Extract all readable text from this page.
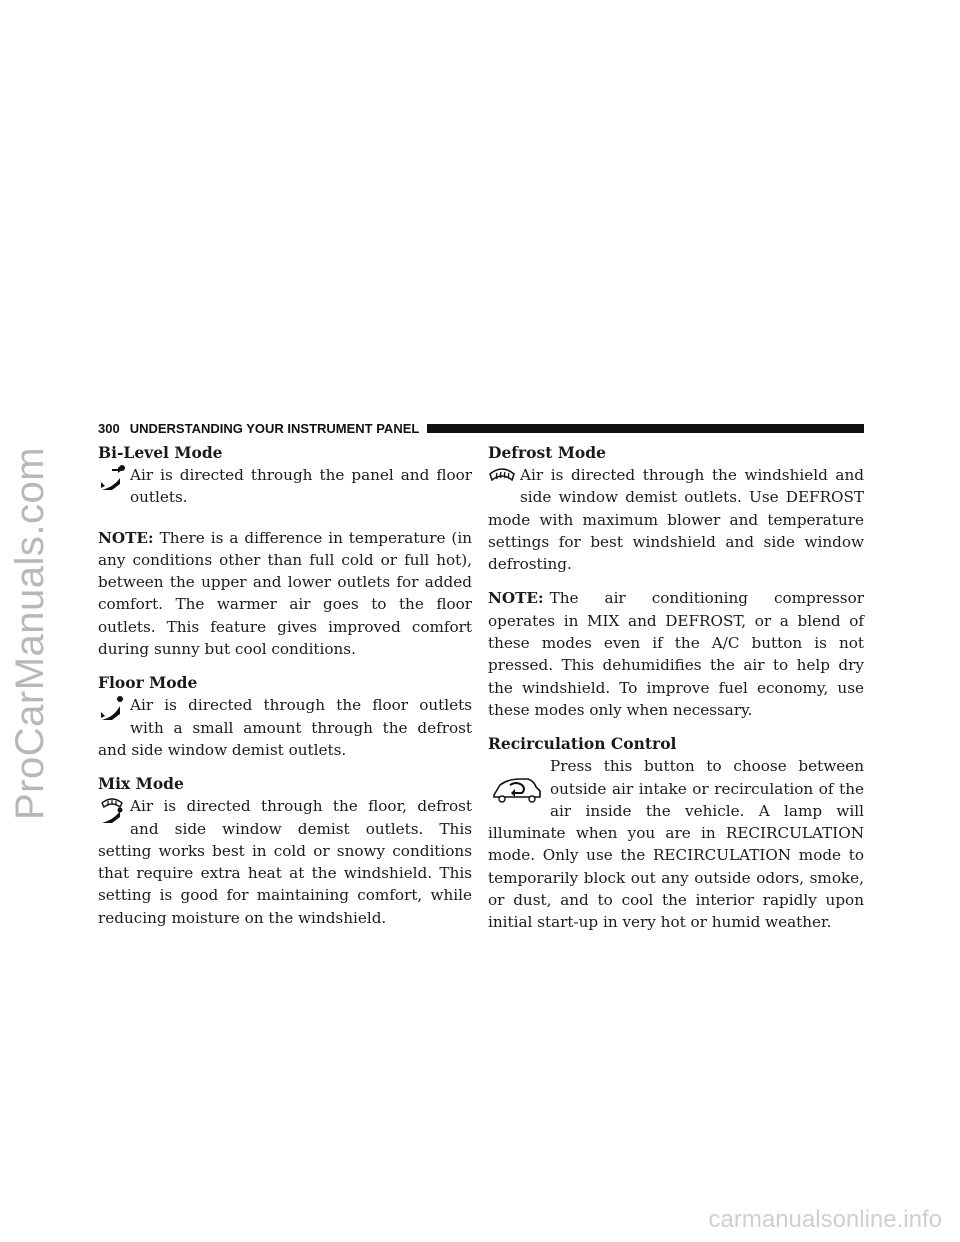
ProCarManuals.com
carmanualsonline.info
300 UNDERSTANDING YOUR INSTRUMENT PANEL
Bi-Level Mode

Air is directed through the panel and floor outlets.

NOTE: There is a difference in temperature (in any conditions other than full cold or full hot), between the upper and lower outlets for added comfort. The warmer air goes to the floor outlets. This feature gives improved comfort during sunny but cool conditions.

Floor Mode

Air is directed through the floor outlets with a small amount through the defrost and side window demist outlets.

Mix Mode

Air is directed through the floor, defrost and side window demist outlets. This setting works best in cold or snowy conditions that require extra heat at the windshield. This setting is good for maintaining comfort, while reducing moisture on the windshield.

Defrost Mode

Air is directed through the windshield and side window demist outlets. Use DEFROST mode with maximum blower and temperature settings for best windshield and side window defrosting.

NOTE: The air conditioning compressor operates in MIX and DEFROST, or a blend of these modes even if the A/C button is not pressed. This dehumidifies the air to help dry the windshield. To improve fuel economy, use these modes only when necessary.

Recirculation Control

Press this button to choose between outside air intake or recirculation of the air inside the vehicle. A lamp will illuminate when you are in RECIRCULATION mode. Only use the RECIRCULATION mode to temporarily block out any outside odors, smoke, or dust, and to cool the interior rapidly upon initial start-up in very hot or humid weather.
